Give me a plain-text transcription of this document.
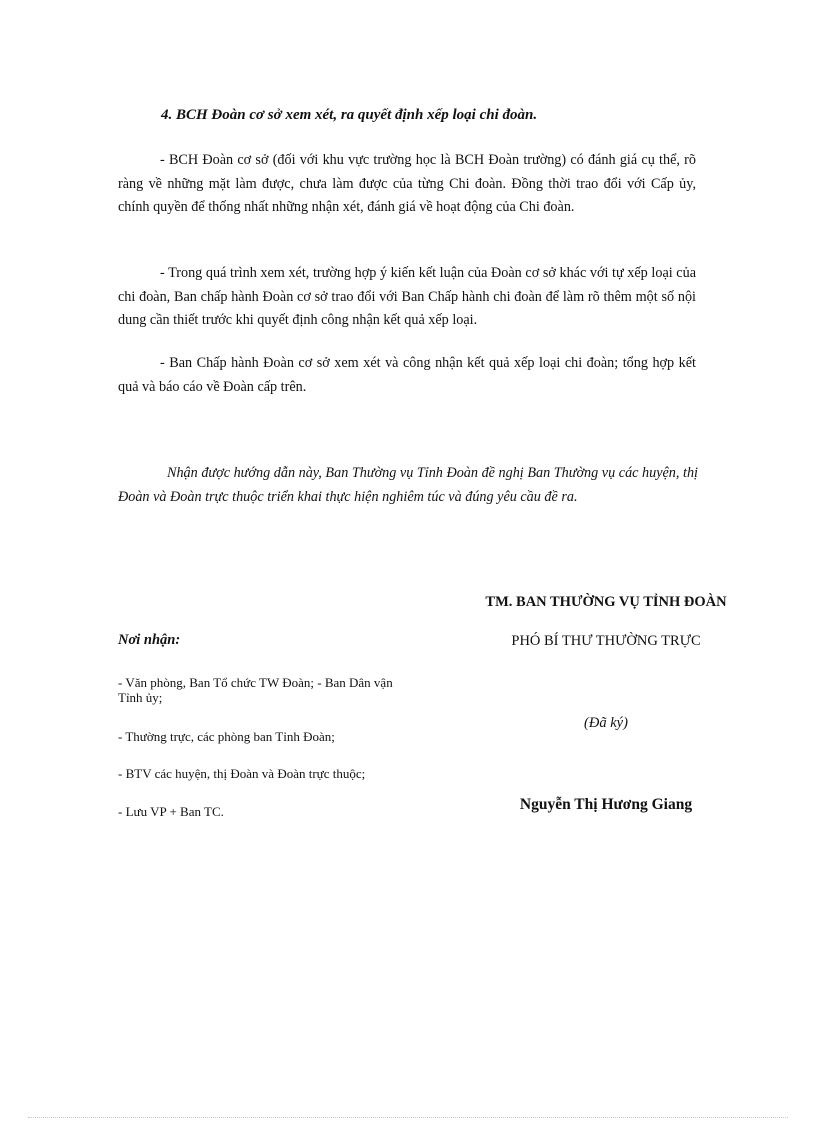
4. BCH Đoàn cơ sở xem xét, ra quyết định xếp loại chi đoàn.

- BCH Đoàn cơ sở (đối với khu vực trường học là BCH Đoàn trường) có đánh giá cụ thể, rõ ràng về những mặt làm được, chưa làm được của từng Chi đoàn. Đồng thời trao đổi với Cấp ủy, chính quyền để thống nhất những nhận xét, đánh giá về hoạt động của Chi đoàn.

- Trong quá trình xem xét, trường hợp ý kiến kết luận của Đoàn cơ sở khác với tự xếp loại của chi đoàn, Ban chấp hành Đoàn cơ sở trao đổi với Ban Chấp hành chi đoàn để làm rõ thêm một số nội dung cần thiết trước khi quyết định công nhận kết quả xếp loại.

- Ban Chấp hành Đoàn cơ sở xem xét và công nhận kết quả xếp loại chi đoàn; tổng hợp kết quả và báo cáo về Đoàn cấp trên.

Nhận được hướng dẫn này, Ban Thường vụ Tỉnh Đoàn đề nghị Ban Thường vụ các huyện, thị Đoàn và Đoàn trực thuộc triển khai thực hiện nghiêm túc và đúng yêu cầu đề ra.

Nơi nhận:

- Văn phòng, Ban Tổ chức TW Đoàn; - Ban Dân vận Tỉnh ủy;

- Thường trực, các phòng ban Tỉnh Đoàn;

- BTV các huyện, thị Đoàn và Đoàn trực thuộc;

- Lưu VP + Ban TC.

TM. BAN THƯỜNG VỤ TỈNH ĐOÀN
PHÓ BÍ THƯ THƯỜNG TRỰC
(Đã ký)
Nguyễn Thị Hương Giang
